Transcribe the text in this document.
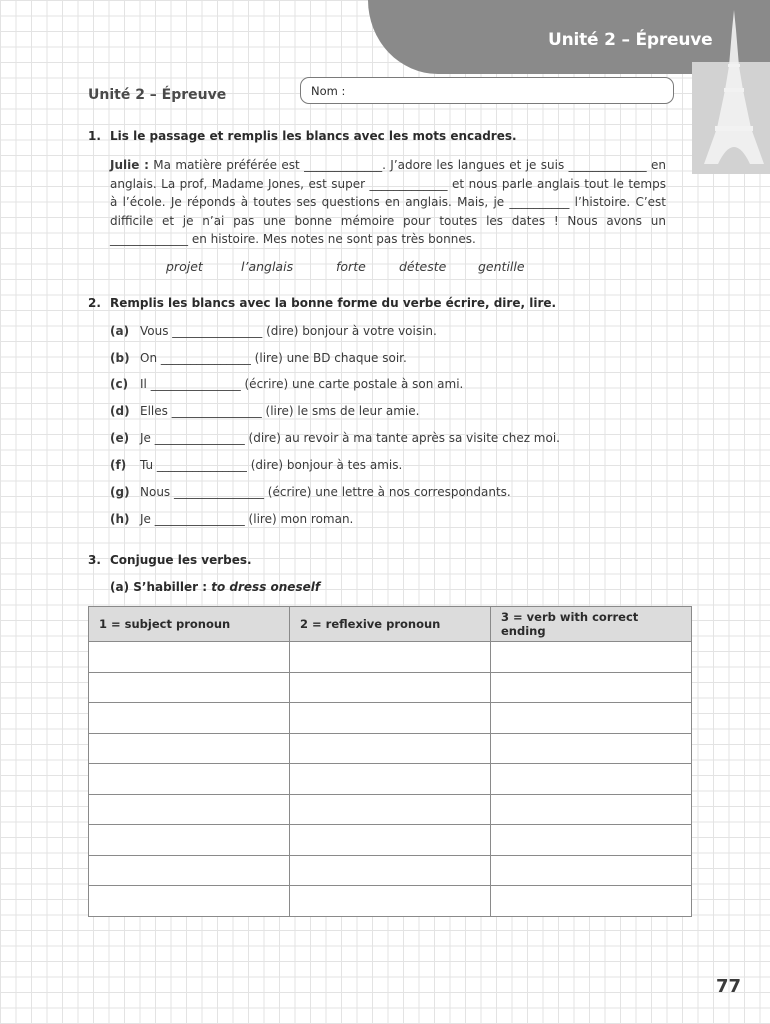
Unité 2 – Épreuve
Unité 2 – Épreuve	Nom :
1. Lis le passage et remplis les blancs avec les mots encadres.
Julie : Ma matière préférée est _____________. J’adore les langues et je suis _____________ en anglais. La prof, Madame Jones, est super _____________ et nous parle anglais tout le temps à l’école. Je réponds à toutes ses questions en anglais. Mais, je __________ l’histoire. C’est difficile et je n’ai pas une bonne mémoire pour toutes les dates ! Nous avons un _____________ en histoire. Mes notes ne sont pas très bonnes.
projet	l’anglais	forte	déteste	gentille
2. Remplis les blancs avec la bonne forme du verbe écrire, dire, lire.
(a) Vous _______________ (dire) bonjour à votre voisin.
(b) On _______________ (lire) une BD chaque soir.
(c) Il _______________ (écrire) une carte postale à son ami.
(d) Elles _______________ (lire) le sms de leur amie.
(e) Je _______________ (dire) au revoir à ma tante après sa visite chez moi.
(f) Tu _______________ (dire) bonjour à tes amis.
(g) Nous _______________ (écrire) une lettre à nos correspondants.
(h) Je _______________ (lire) mon roman.
3. Conjugue les verbes.
(a) S’habiller : to dress oneself
1 = subject pronoun	2 = reflexive pronoun	3 = verb with correct ending

77
